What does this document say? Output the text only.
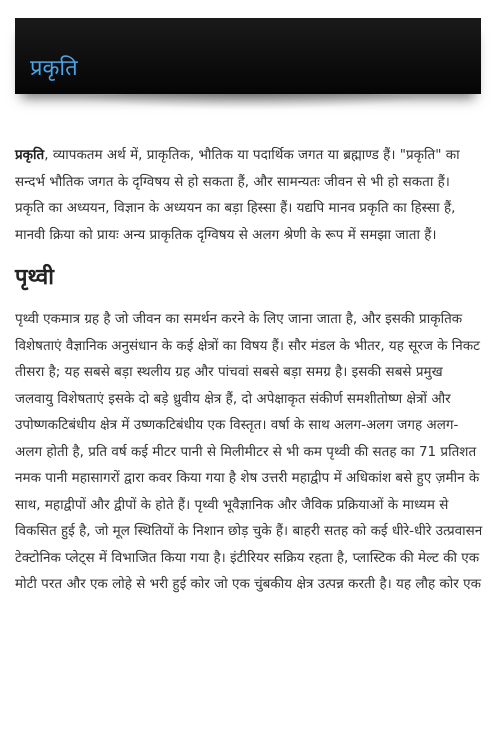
प्रकृति

प्रकृति, व्यापकतम अर्थ में, प्राकृतिक, भौतिक या पदार्थिक जगत या ब्रह्माण्ड हैं। "प्रकृति" का सन्दर्भ भौतिक जगत के दृग्विषय से हो सकता हैं, और सामन्यतः जीवन से भी हो सकता हैं। प्रकृति का अध्ययन, विज्ञान के अध्ययन का बड़ा हिस्सा हैं। यद्यपि मानव प्रकृति का हिस्सा हैं, मानवी क्रिया को प्रायः अन्य प्राकृतिक दृग्विषय से अलग श्रेणी के रूप में समझा जाता हैं।

पृथ्वी

पृथ्वी एकमात्र ग्रह है जो जीवन का समर्थन करने के लिए जाना जाता है, और इसकी प्राकृतिक विशेषताएं वैज्ञानिक अनुसंधान के कई क्षेत्रों का विषय हैं। सौर मंडल के भीतर, यह सूरज के निकट तीसरा है; यह सबसे बड़ा स्थलीय ग्रह और पांचवां सबसे बड़ा समग्र है। इसकी सबसे प्रमुख जलवायु विशेषताएं इसके दो बड़े ध्रुवीय क्षेत्र हैं, दो अपेक्षाकृत संकीर्ण समशीतोष्ण क्षेत्रों और उपोष्णकटिबंधीय क्षेत्र में उष्णकटिबंधीय एक विस्तृत। वर्षा के साथ अलग-अलग जगह अलग-अलग होती है, प्रति वर्ष कई मीटर पानी से मिलीमीटर से भी कम पृथ्वी की सतह का 71 प्रतिशत नमक पानी महासागरों द्वारा कवर किया गया है शेष उत्तरी महाद्वीप में अधिकांश बसे हुए ज़मीन के साथ, महाद्वीपों और द्वीपों के होते हैं। पृथ्वी भूवैज्ञानिक और जैविक प्रक्रियाओं के माध्यम से विकसित हुई है, जो मूल स्थितियों के निशान छोड़ चुके हैं। बाहरी सतह को कई धीरे-धीरे उत्प्रवासन टेक्टोनिक प्लेट्स में विभाजित किया गया है। इंटीरियर सक्रिय रहता है, प्लास्टिक की मेल्ट की एक मोटी परत और एक लोहे से भरी हुई कोर जो एक चुंबकीय क्षेत्र उत्पन्न करती है। यह लौह कोर एक
